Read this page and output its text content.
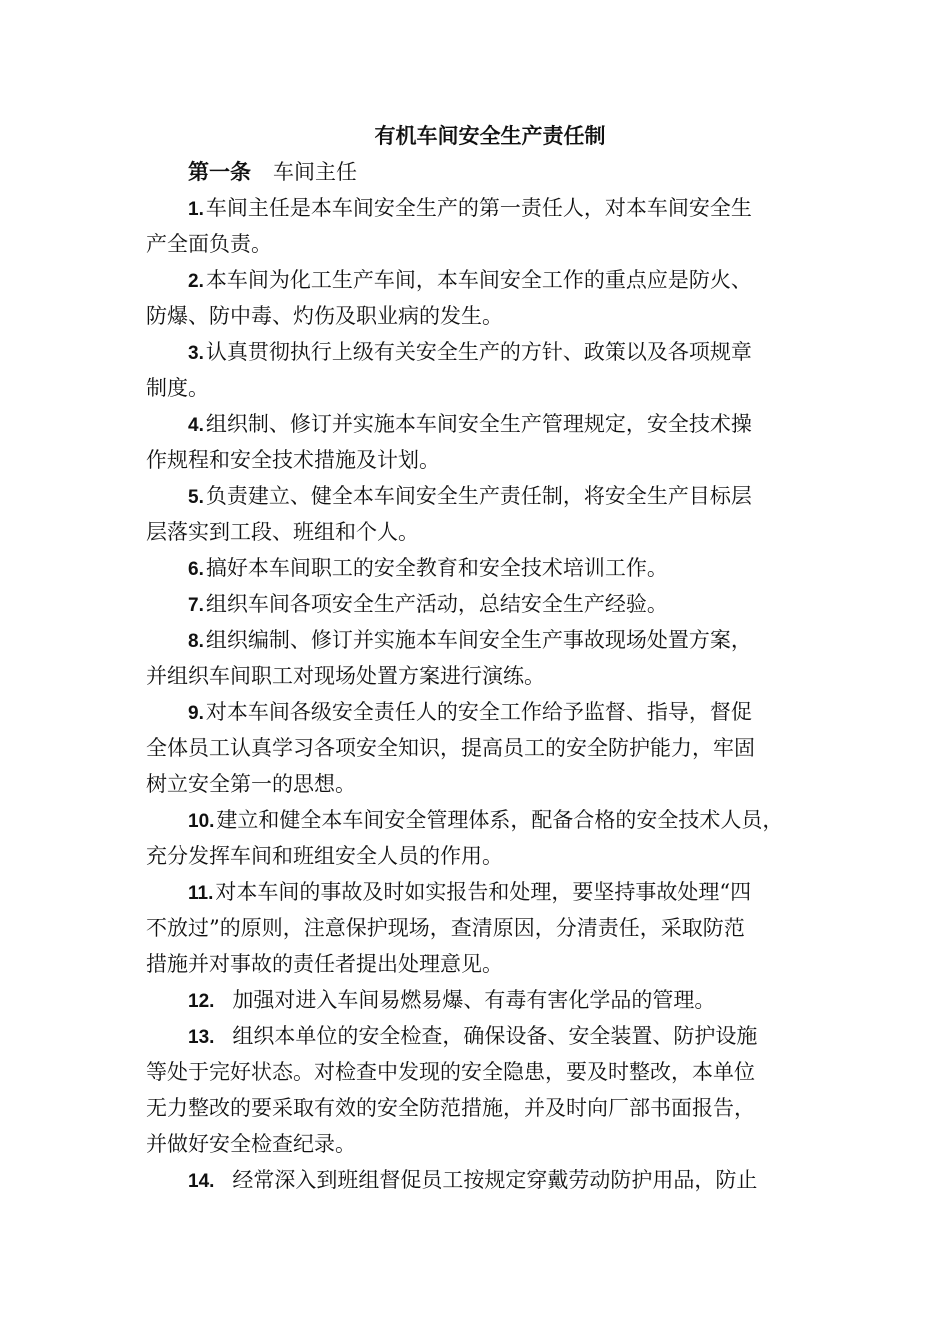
有机车间安全生产责任制
第一条 车间主任

1.车间主任是本车间安全生产的第一责任人，对本车间安全生
产全面负责。

2.本车间为化工生产车间，本车间安全工作的重点应是防火、
防爆、防中毒、灼伤及职业病的发生。

3.认真贯彻执行上级有关安全生产的方针、政策以及各项规章
制度。

4.组织制、修订并实施本车间安全生产管理规定，安全技术操
作规程和安全技术措施及计划。

5.负责建立、健全本车间安全生产责任制，将安全生产目标层
层落实到工段、班组和个人。

6.搞好本车间职工的安全教育和安全技术培训工作。

7.组织车间各项安全生产活动，总结安全生产经验。

8.组织编制、修订并实施本车间安全生产事故现场处置方案，
并组织车间职工对现场处置方案进行演练。

9.对本车间各级安全责任人的安全工作给予监督、指导，督促
全体员工认真学习各项安全知识，提高员工的安全防护能力，牢固
树立安全第一的思想。

10.建立和健全本车间安全管理体系，配备合格的安全技术人员，
充分发挥车间和班组安全人员的作用。

11.对本车间的事故及时如实报告和处理，要坚持事故处理“四
不放过”的原则，注意保护现场，查清原因，分清责任，采取防范
措施并对事故的责任者提出处理意见。

12. 加强对进入车间易燃易爆、有毒有害化学品的管理。

13. 组织本单位的安全检查，确保设备、安全装置、防护设施
等处于完好状态。对检查中发现的安全隐患，要及时整改，本单位
无力整改的要采取有效的安全防范措施，并及时向厂部书面报告，
并做好安全检查纪录。

14. 经常深入到班组督促员工按规定穿戴劳动防护用品，防止
